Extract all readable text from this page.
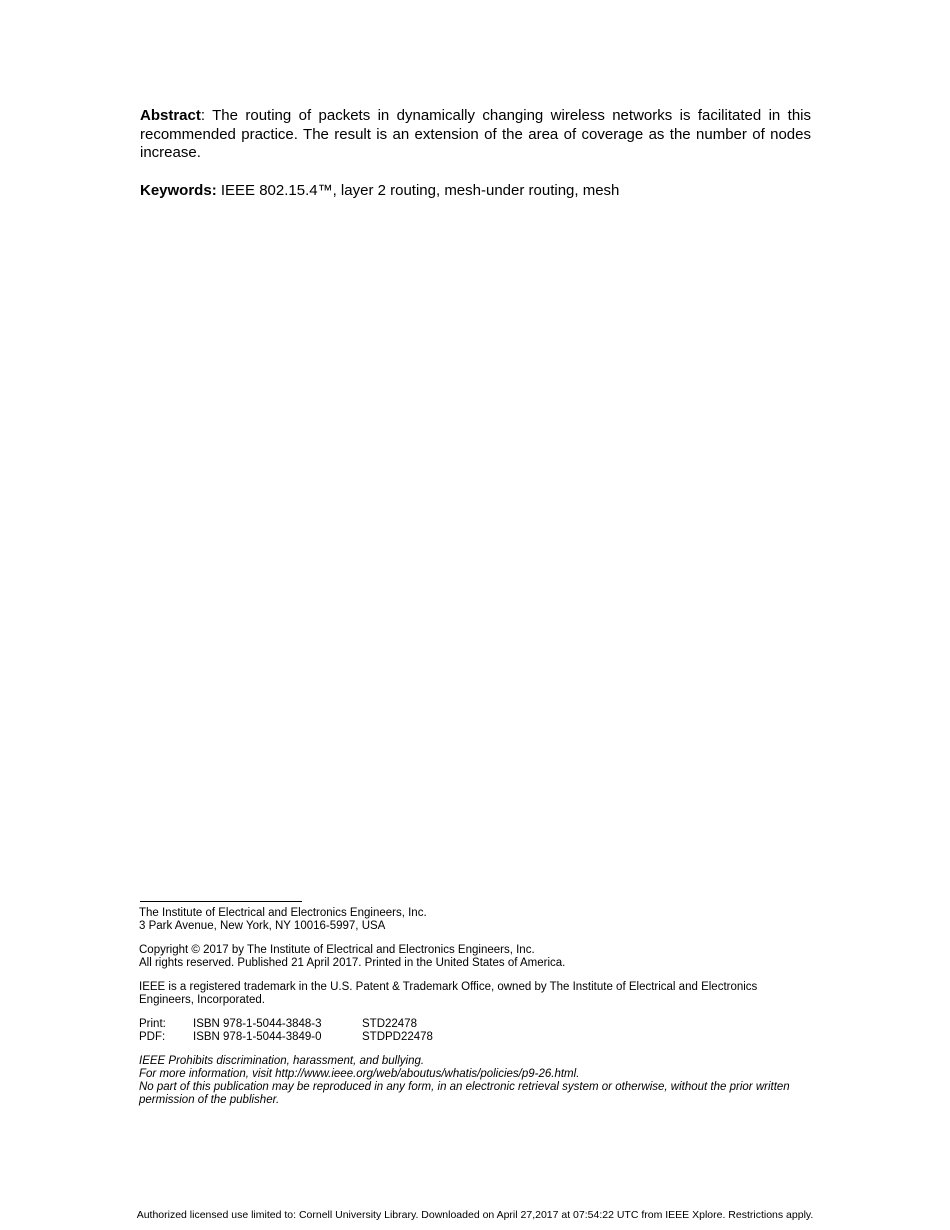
Abstract: The routing of packets in dynamically changing wireless networks is facilitated in this recommended practice. The result is an extension of the area of coverage as the number of nodes increase.

Keywords: IEEE 802.15.4™, layer 2 routing, mesh-under routing, mesh

The Institute of Electrical and Electronics Engineers, Inc.

3 Park Avenue, New York, NY 10016-5997, USA

Copyright © 2017 by The Institute of Electrical and Electronics Engineers, Inc.

All rights reserved. Published 21 April 2017. Printed in the United States of America.

IEEE is a registered trademark in the U.S. Patent & Trademark Office, owned by The Institute of Electrical and Electronics Engineers, Incorporated.

Print:	ISBN 978-1-5044-3848-3	STD22478
PDF:	ISBN 978-1-5044-3849-0	STDPD22478

IEEE Prohibits discrimination, harassment, and bullying.

For more information, visit http://www.ieee.org/web/aboutus/whatis/policies/p9-26.html.

No part of this publication may be reproduced in any form, in an electronic retrieval system or otherwise, without the prior written permission of the publisher.

Authorized licensed use limited to: Cornell University Library. Downloaded on April 27,2017 at 07:54:22 UTC from IEEE Xplore. Restrictions apply.
